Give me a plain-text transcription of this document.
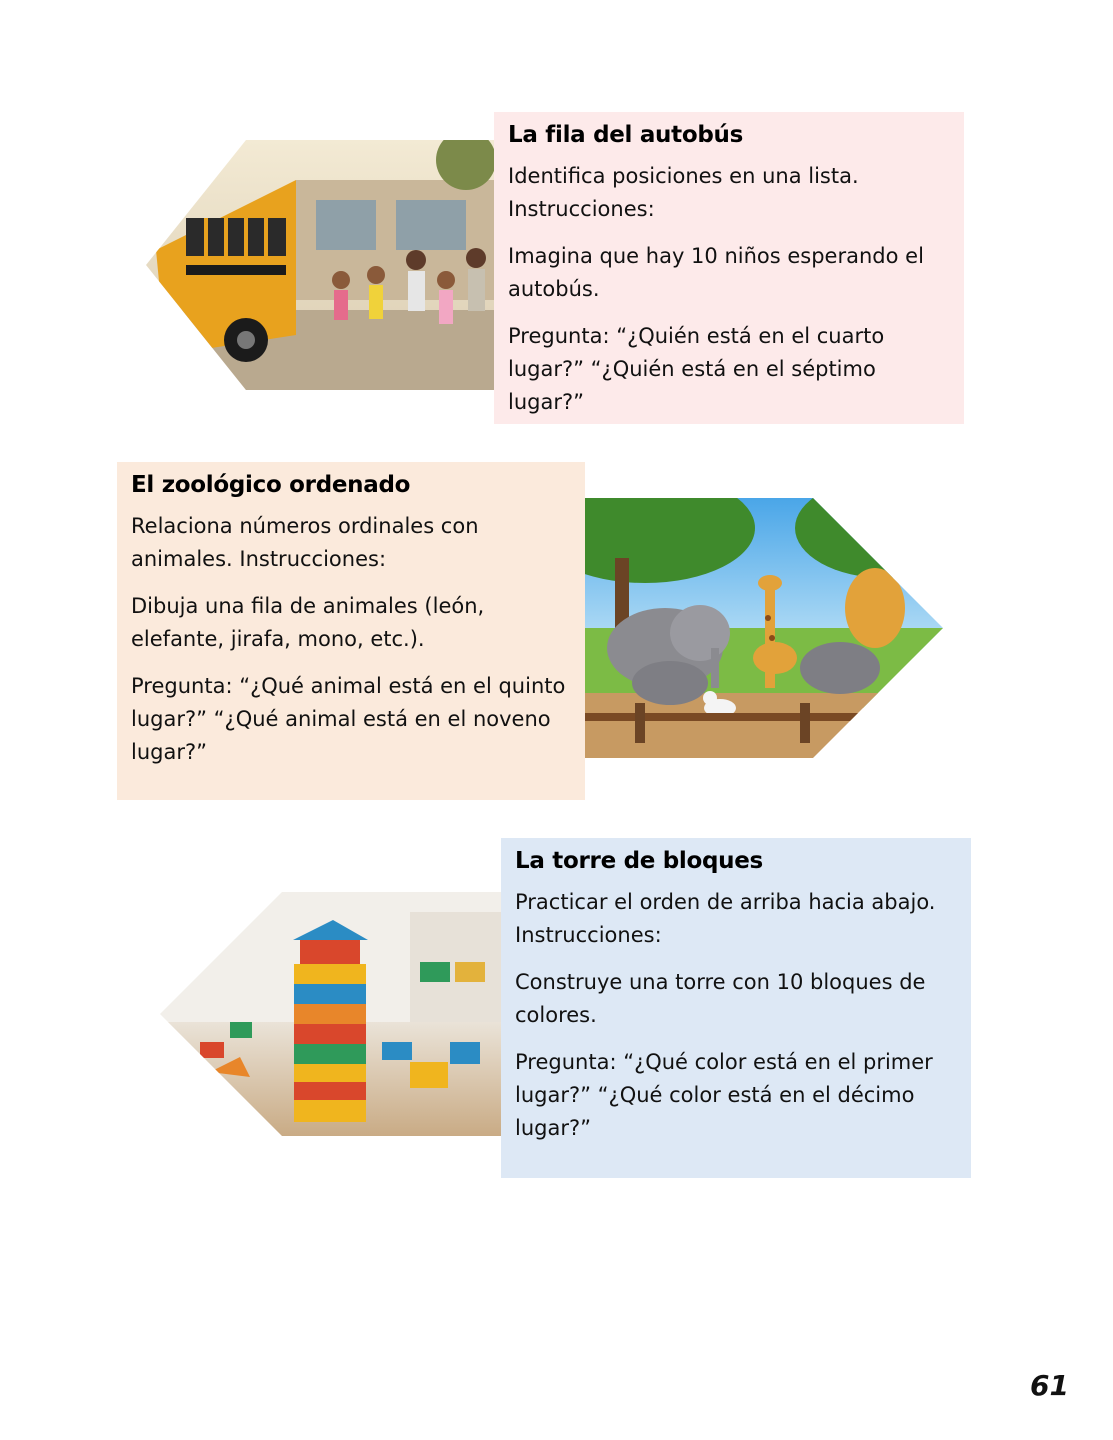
La fila del autobús

Identifica posiciones en una lista. Instrucciones:

Imagina que hay 10 niños esperando el autobús.

Pregunta: “¿Quién está en el cuarto lugar?” “¿Quién está en el séptimo lugar?”

El zoológico ordenado

Relaciona números ordinales con animales. Instrucciones:

Dibuja una fila de animales (león, elefante, jirafa, mono, etc.).

Pregunta: “¿Qué animal está en el quinto lugar?” “¿Qué animal está en el noveno lugar?”

La torre de bloques

Practicar el orden de arriba hacia abajo. Instrucciones:

Construye una torre con 10 bloques de colores.

Pregunta: “¿Qué color está en el primer lugar?” “¿Qué color está en el décimo lugar?”

61
